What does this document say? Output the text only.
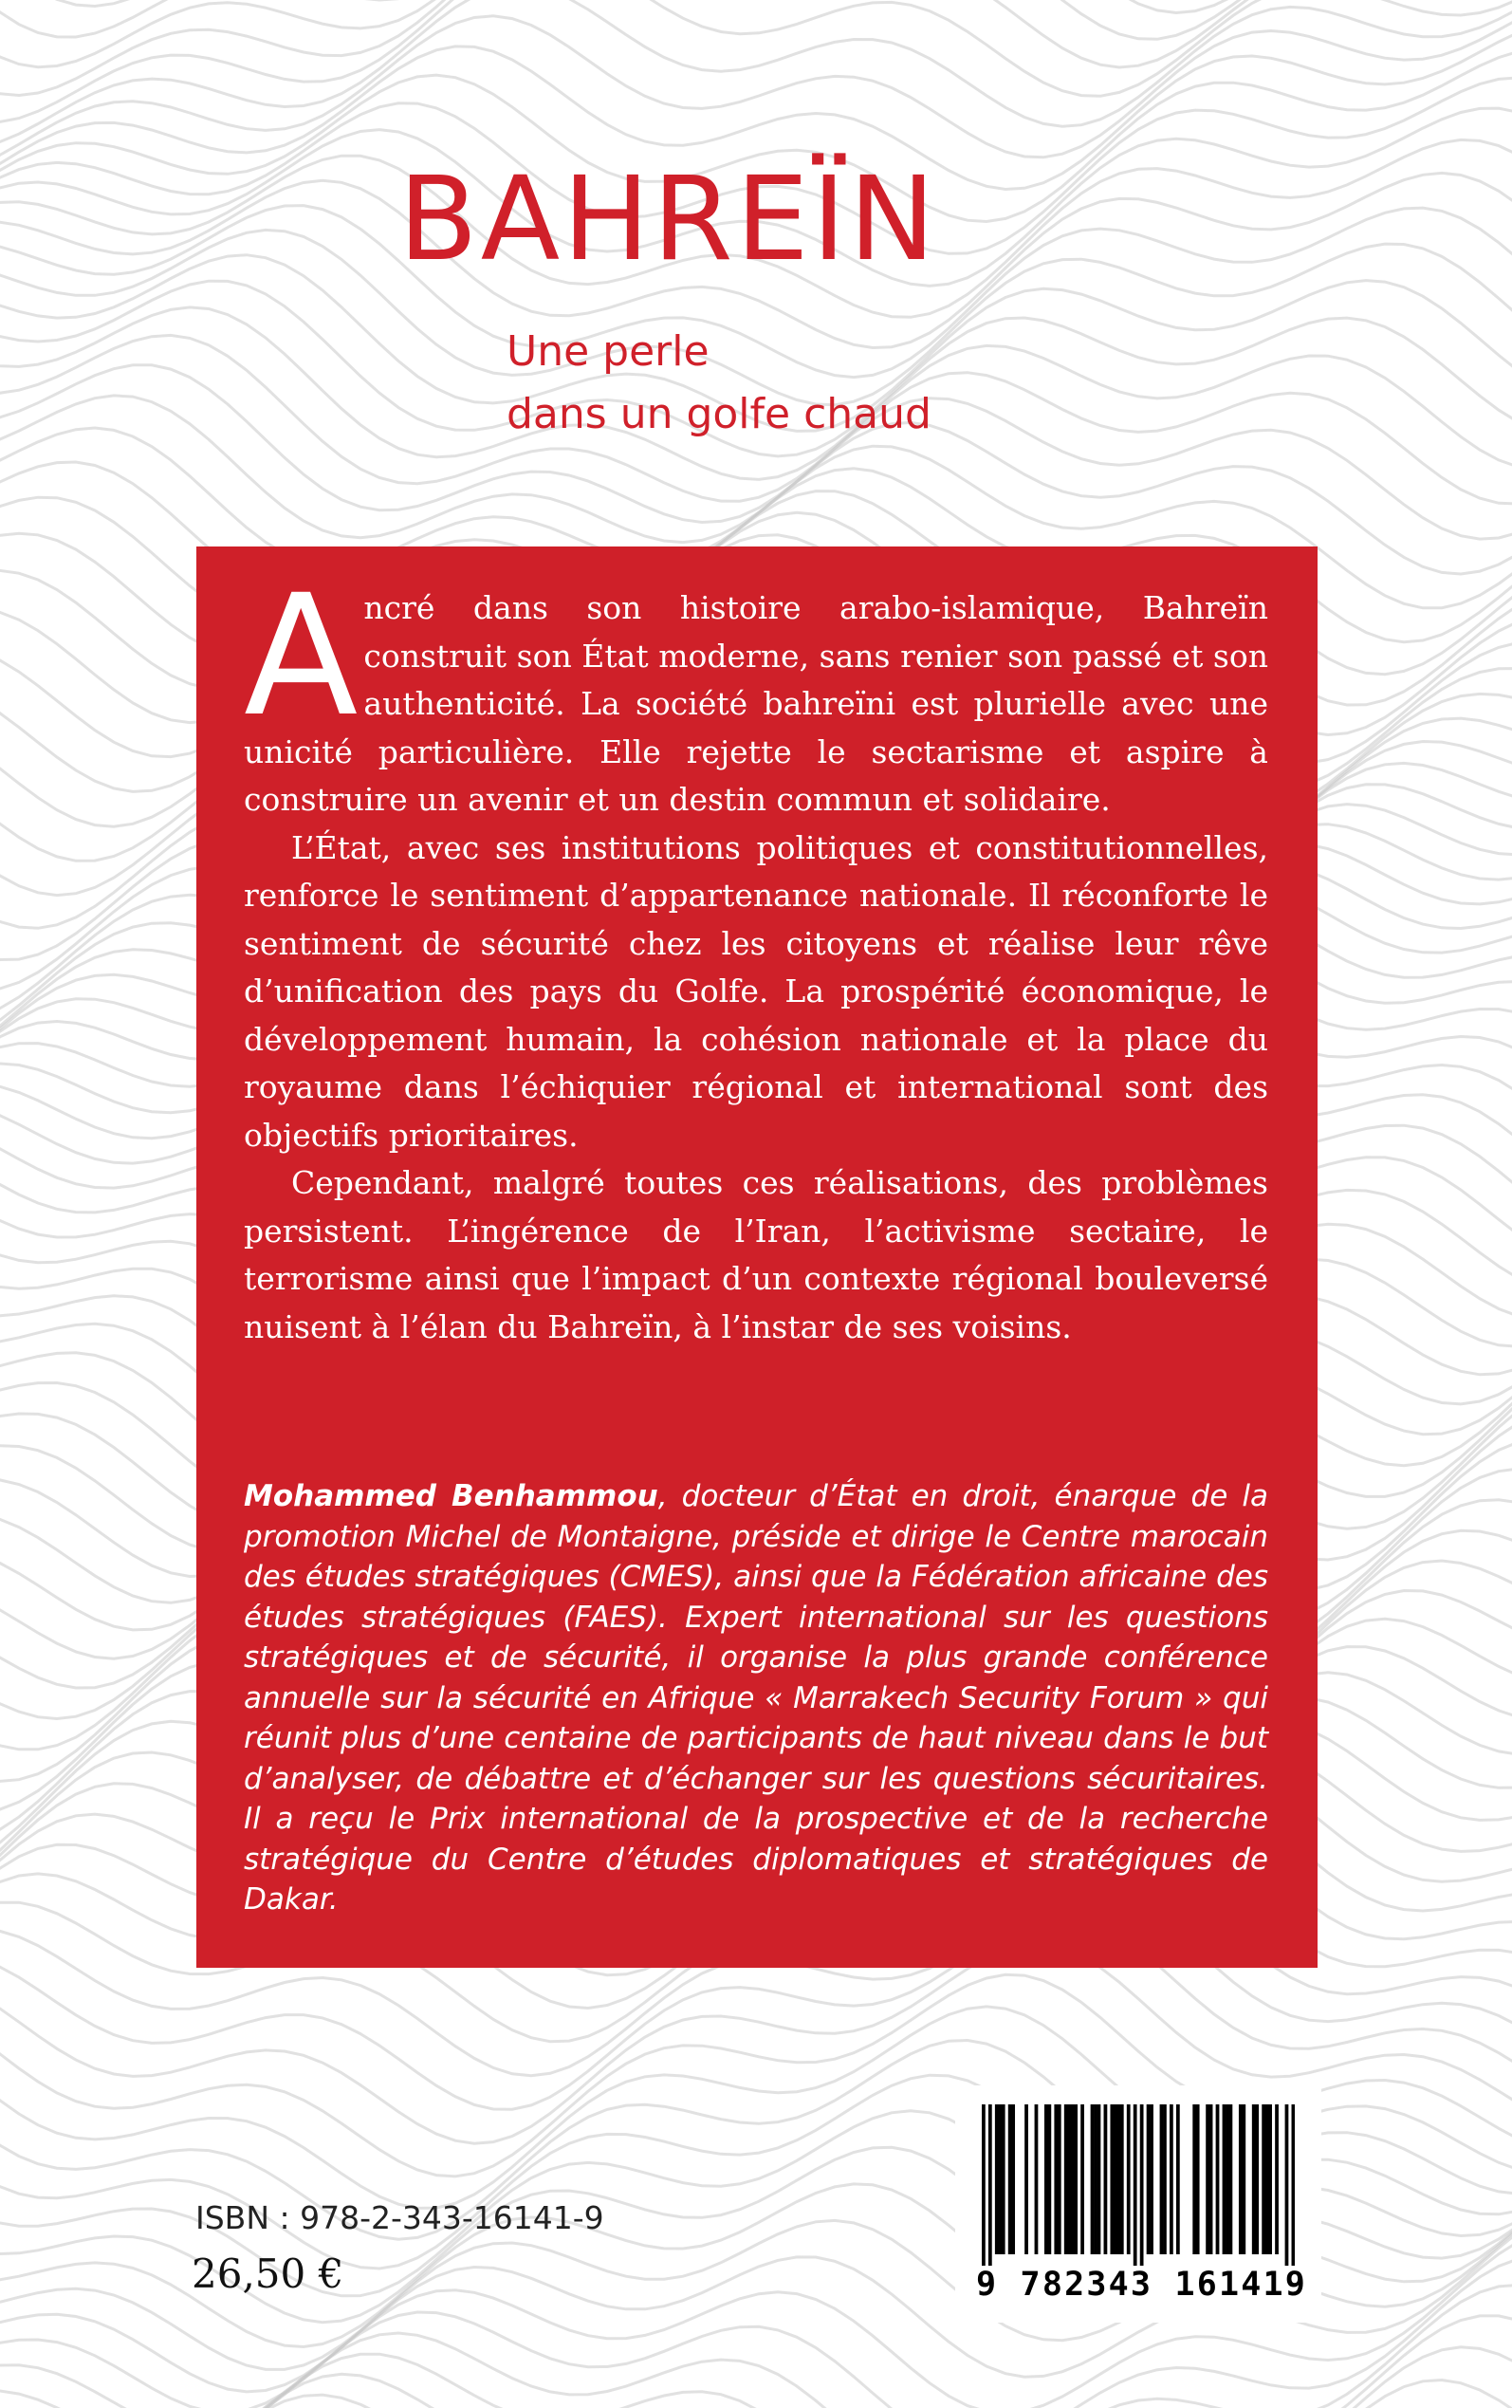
BAHREÏN
Une perle
dans un golfe chaud

Ancré dans son histoire arabo-islamique, Bahreïn construit son État moderne, sans renier son passé et son authenticité. La société bahreïni est plurielle avec une unicité particulière. Elle rejette le sectarisme et aspire à construire un avenir et un destin commun et solidaire.

L’État, avec ses institutions politiques et constitutionnelles, renforce le sentiment d’appartenance nationale. Il réconforte le sentiment de sécurité chez les citoyens et réalise leur rêve d’unification des pays du Golfe. La prospérité économique, le développement humain, la cohésion nationale et la place du royaume dans l’échiquier régional et international sont des objectifs prioritaires.

Cependant, malgré toutes ces réalisations, des problèmes persistent. L’ingérence de l’Iran, l’activisme sectaire, le terrorisme ainsi que l’impact d’un contexte régional bouleversé nuisent à l’élan du Bahreïn, à l’instar de ses voisins.

Mohammed Benhammou, docteur d’État en droit, énarque de la promotion Michel de Montaigne, préside et dirige le Centre marocain des études stratégiques (CMES), ainsi que la Fédération africaine des études stratégiques (FAES). Expert international sur les questions stratégiques et de sécurité, il organise la plus grande conférence annuelle sur la sécurité en Afrique « Marrakech Security Forum » qui réunit plus d’une centaine de participants de haut niveau dans le but d’analyser, de débattre et d’échanger sur les questions sécuritaires. Il a reçu le Prix international de la prospective et de la recherche stratégique du Centre d’études diplomatiques et stratégiques de Dakar.

ISBN : 978-2-343-16141-9
26,50 €	9 782343 161419
